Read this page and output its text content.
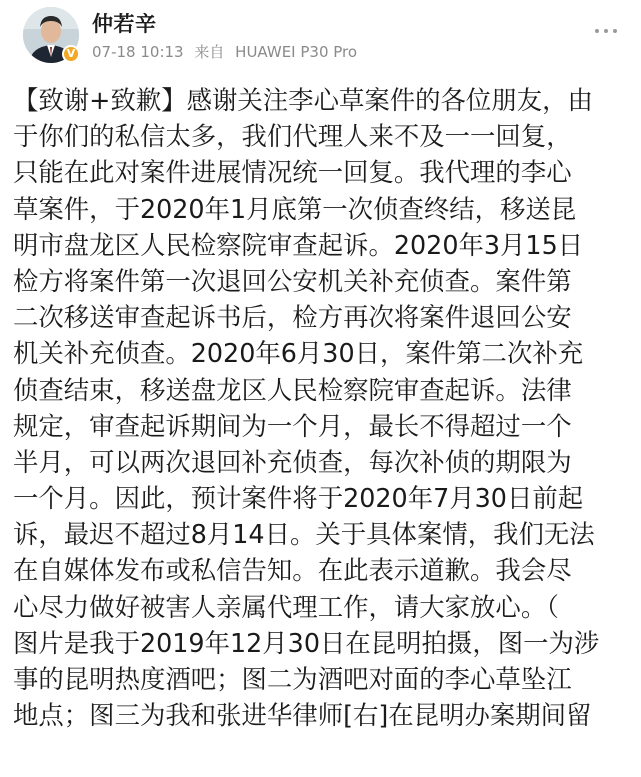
V
仲若辛
07-18 10:13 来自 HUAWEI P30 Pro

【致谢+致歉】感谢关注李心草案件的各位朋友，由
于你们的私信太多，我们代理人来不及一一回复，
只能在此对案件进展情况统一回复。我代理的李心
草案件，于2020年1月底第一次侦查终结，移送昆
明市盘龙区人民检察院审查起诉。2020年3月15日
检方将案件第一次退回公安机关补充侦查。案件第
二次移送审查起诉书后，检方再次将案件退回公安
机关补充侦查。2020年6月30日，案件第二次补充
侦查结束，移送盘龙区人民检察院审查起诉。法律
规定，审查起诉期间为一个月，最长不得超过一个
半月，可以两次退回补充侦查，每次补侦的期限为
一个月。因此，预计案件将于2020年7月30日前起
诉，最迟不超过8月14日。关于具体案情，我们无法
在自媒体发布或私信告知。在此表示道歉。我会尽
心尽力做好被害人亲属代理工作，请大家放心。（
图片是我于2019年12月30日在昆明拍摄，图一为涉
事的昆明热度酒吧；图二为酒吧对面的李心草坠江
地点；图三为我和张进华律师[右]在昆明办案期间留
